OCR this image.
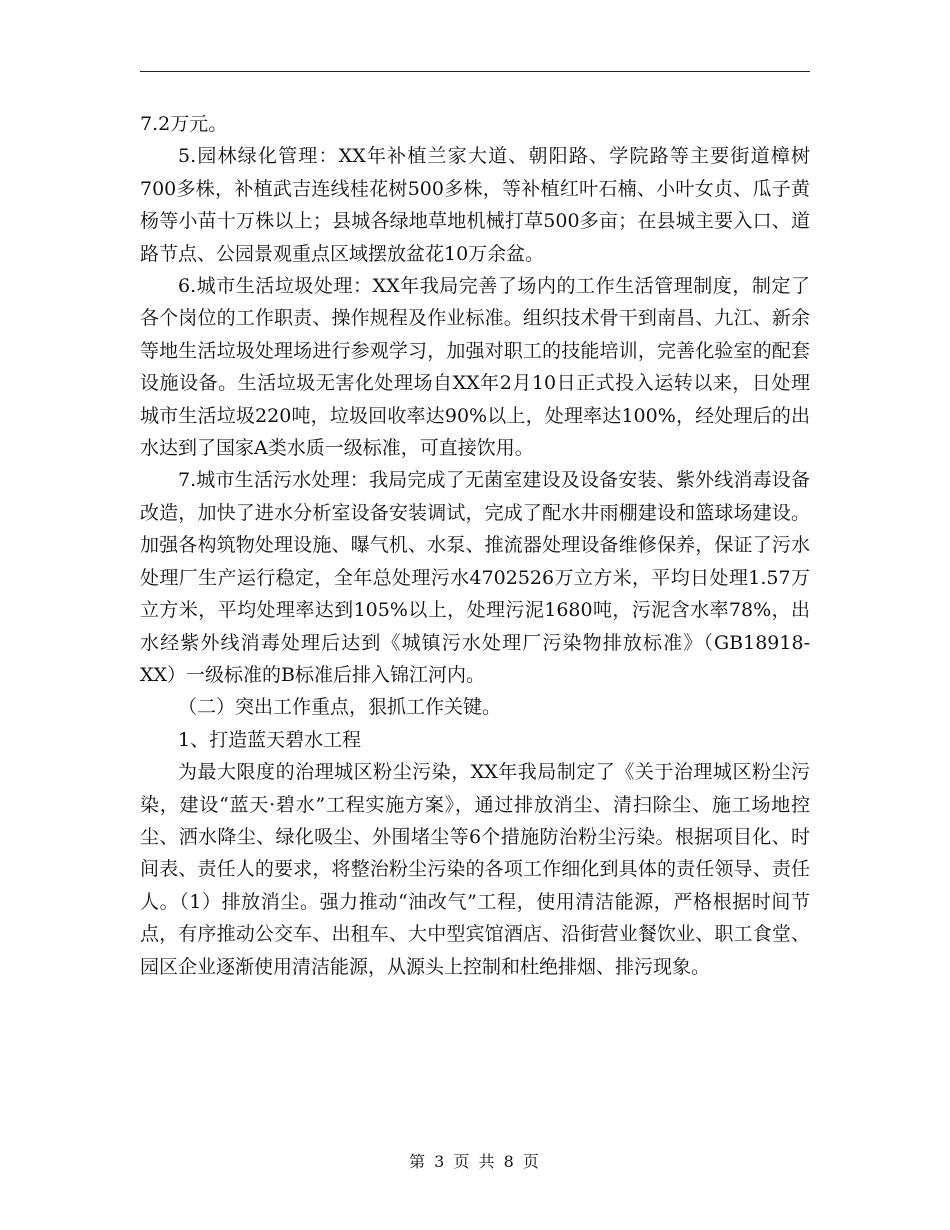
7.2万元。

5.园林绿化管理：XX年补植兰家大道、朝阳路、学院路等主要街道樟树700多株，补植武吉连线桂花树500多株，等补植红叶石楠、小叶女贞、瓜子黄杨等小苗十万株以上；县城各绿地草地机械打草500多亩；在县城主要入口、道路节点、公园景观重点区域摆放盆花10万余盆。

6.城市生活垃圾处理：XX年我局完善了场内的工作生活管理制度，制定了各个岗位的工作职责、操作规程及作业标准。组织技术骨干到南昌、九江、新余等地生活垃圾处理场进行参观学习，加强对职工的技能培训，完善化验室的配套设施设备。生活垃圾无害化处理场自XX年2月10日正式投入运转以来，日处理城市生活垃圾220吨，垃圾回收率达90%以上，处理率达100%，经处理后的出水达到了国家A类水质一级标准，可直接饮用。

7.城市生活污水处理：我局完成了无菌室建设及设备安装、紫外线消毒设备改造，加快了进水分析室设备安装调试，完成了配水井雨棚建设和篮球场建设。加强各构筑物处理设施、曝气机、水泵、推流器处理设备维修保养，保证了污水处理厂生产运行稳定，全年总处理污水4702526万立方米，平均日处理1.57万立方米，平均处理率达到105%以上，处理污泥1680吨，污泥含水率78%，出水经紫外线消毒处理后达到《城镇污水处理厂污染物排放标准》（GB18918-XX）一级标准的B标准后排入锦江河内。

（二）突出工作重点，狠抓工作关键。

1、打造蓝天碧水工程

为最大限度的治理城区粉尘污染，XX年我局制定了《关于治理城区粉尘污染，建设“蓝天·碧水”工程实施方案》，通过排放消尘、清扫除尘、施工场地控尘、洒水降尘、绿化吸尘、外围堵尘等6个措施防治粉尘污染。根据项目化、时间表、责任人的要求，将整治粉尘污染的各项工作细化到具体的责任领导、责任人。（1）排放消尘。强力推动“油改气”工程，使用清洁能源，严格根据时间节点，有序推动公交车、出租车、大中型宾馆酒店、沿街营业餐饮业、职工食堂、园区企业逐渐使用清洁能源，从源头上控制和杜绝排烟、排污现象。

第 3 页 共 8 页
